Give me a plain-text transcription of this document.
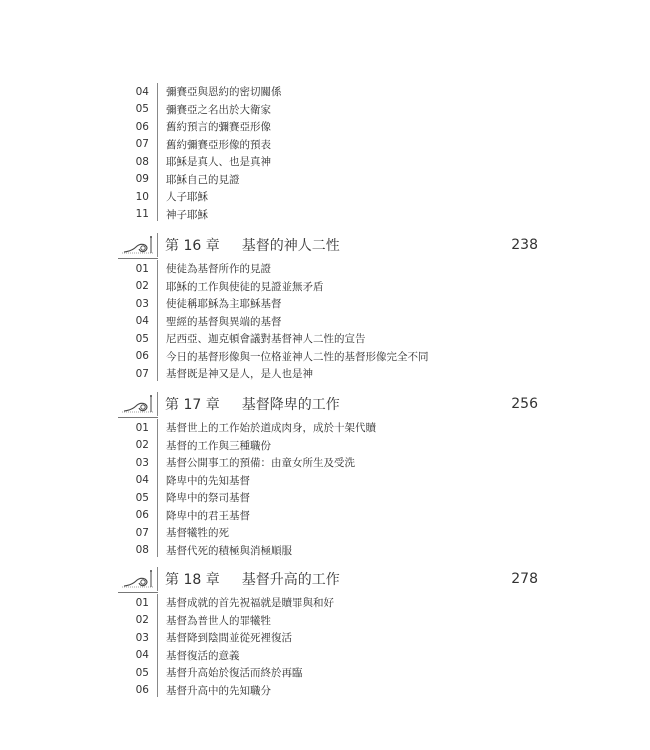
04	彌賽亞與恩約的密切關係
05	彌賽亞之名出於大衛家
06	舊約預言的彌賽亞形像
07	舊約彌賽亞形像的預表
08	耶穌是真人、也是真神
09	耶穌自己的見證
10	人子耶穌
11	神子耶穌
第 16 章 基督的神人二性	238
01	使徒為基督所作的見證
02	耶穌的工作與使徒的見證並無矛盾
03	使徒稱耶穌為主耶穌基督
04	聖經的基督與異端的基督
05	尼西亞、迦克頓會議對基督神人二性的宣告
06	今日的基督形像與一位格並神人二性的基督形像完全不同
07	基督既是神又是人，是人也是神
第 17 章 基督降卑的工作	256
01	基督世上的工作始於道成肉身，成於十架代贖
02	基督的工作與三種職份
03	基督公開事工的預備：由童女所生及受洗
04	降卑中的先知基督
05	降卑中的祭司基督
06	降卑中的君王基督
07	基督犧牲的死
08	基督代死的積極與消極順服
第 18 章 基督升高的工作	278
01	基督成就的首先祝福就是贖罪與和好
02	基督為普世人的罪犧牲
03	基督降到陰間並從死裡復活
04	基督復活的意義
05	基督升高始於復活而終於再臨
06	基督升高中的先知職分
